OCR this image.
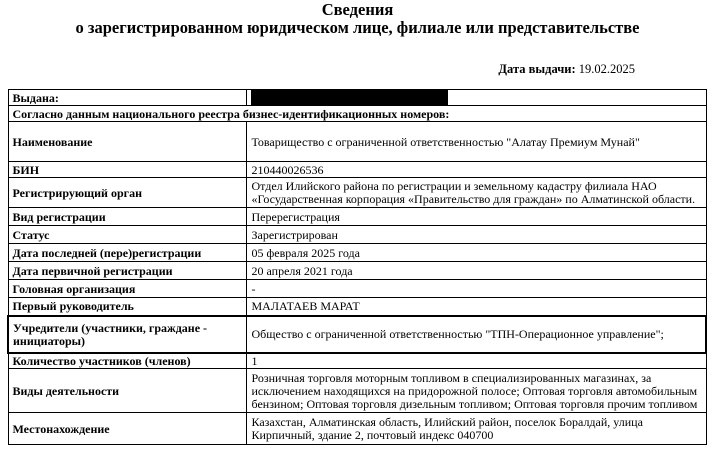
Сведения
о зарегистрированном юридическом лице, филиале или представительстве
Дата выдачи: 19.02.2025
Выдана:	
Согласно данным национального реестра бизнес-идентификационных номеров:	
Наименование	Товарищество с ограниченной ответственностью "Алатау Премиум Мунай"
БИН	210440026536
Регистрирующий орган	Отдел Илийского района по регистрации и земельному кадастру филиала НАО «Государственная корпорация «Правительство для граждан» по Алматинской области.
Вид регистрации	Перерегистрация
Статус	Зарегистрирован
Дата последней (пере)регистрации	05 февраля 2025 года
Дата первичной регистрации	20 апреля 2021 года
Головная организация	-
Первый руководитель	МАЛАТАЕВ МАРАТ
Учредители (участники, граждане - инициаторы)	Общество с ограниченной ответственностью "ТПН-Операционное управление";
Количество участников (членов)	1
Виды деятельности	Розничная торговля моторным топливом в специализированных магазинах, за исключением находящихся на придорожной полосе; Оптовая торговля автомобильным бензином; Оптовая торговля дизельным топливом; Оптовая торговля прочим топливом
Местонахождение	Казахстан, Алматинская область, Илийский район, поселок Боралдай, улица Кирпичный, здание 2, почтовый индекс 040700
